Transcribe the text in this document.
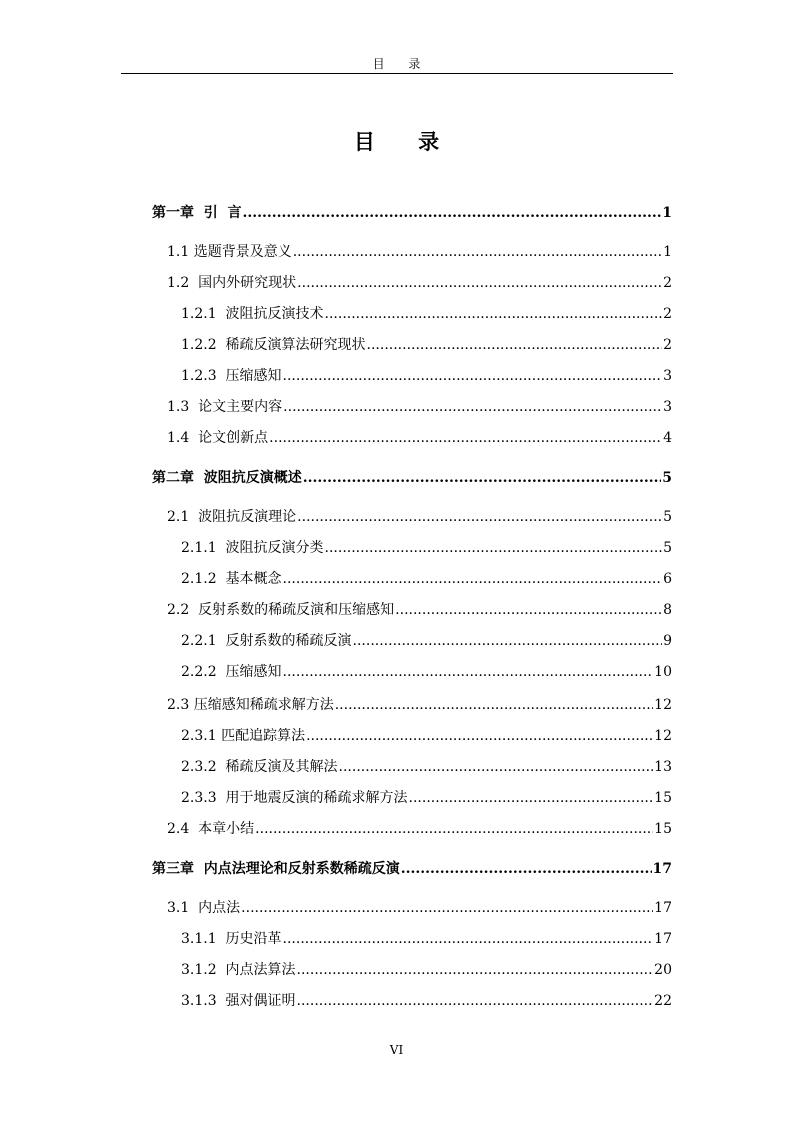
目 录
目 录
第一章  引  言 .....	1
1.1 选题背景及意义 .....	1
1.2  国内外研究现状 .....	2
1.2.1  波阻抗反演技术 .....	2
1.2.2  稀疏反演算法研究现状 .....	2
1.2.3  压缩感知 .....	3
1.3  论文主要内容 .....	3
1.4  论文创新点 .....	4
第二章  波阻抗反演概述 .....	5
2.1  波阻抗反演理论 .....	5
2.1.1  波阻抗反演分类 .....	5
2.1.2  基本概念 .....	6
2.2  反射系数的稀疏反演和压缩感知 .....	8
2.2.1  反射系数的稀疏反演 .....	9
2.2.2  压缩感知 .....	10
2.3 压缩感知稀疏求解方法 .....	12
2.3.1 匹配追踪算法 .....	12
2.3.2  稀疏反演及其解法 .....	13
2.3.3  用于地震反演的稀疏求解方法 .....	15
2.4  本章小结 .....	15
第三章  内点法理论和反射系数稀疏反演 .....	17
3.1  内点法 .....	17
3.1.1  历史沿革 .....	17
3.1.2  内点法算法 .....	20
3.1.3  强对偶证明 .....	22
VI
